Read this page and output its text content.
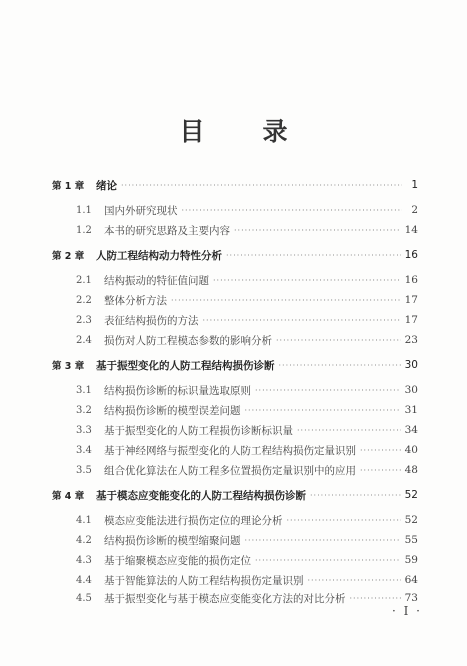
目 录
第 1 章	绪论 ·····	1
1.1	国内外研究现状 ·····	2
1.2	本书的研究思路及主要内容 ·····	14
第 2 章	人防工程结构动力特性分析 ·····	16
2.1	结构振动的特征值问题 ·····	16
2.2	整体分析方法 ·····	17
2.3	表征结构损伤的方法 ·····	17
2.4	损伤对人防工程模态参数的影响分析 ·····	23
第 3 章	基于振型变化的人防工程结构损伤诊断 ·····	30
3.1	结构损伤诊断的标识量选取原则 ·····	30
3.2	结构损伤诊断的模型误差问题 ·····	31
3.3	基于振型变化的人防工程损伤诊断标识量 ·····	34
3.4	基于神经网络与振型变化的人防工程结构损伤定量识别 ·····	40
3.5	组合优化算法在人防工程多位置损伤定量识别中的应用 ·····	48
第 4 章	基于模态应变能变化的人防工程结构损伤诊断 ·····	52
4.1	模态应变能法进行损伤定位的理论分析 ·····	52
4.2	结构损伤诊断的模型缩聚问题 ·····	55
4.3	基于缩聚模态应变能的损伤定位 ·····	59
4.4	基于智能算法的人防工程结构损伤定量识别 ·····	64
4.5	基于振型变化与基于模态应变能变化方法的对比分析 ·····	73
· I ·
